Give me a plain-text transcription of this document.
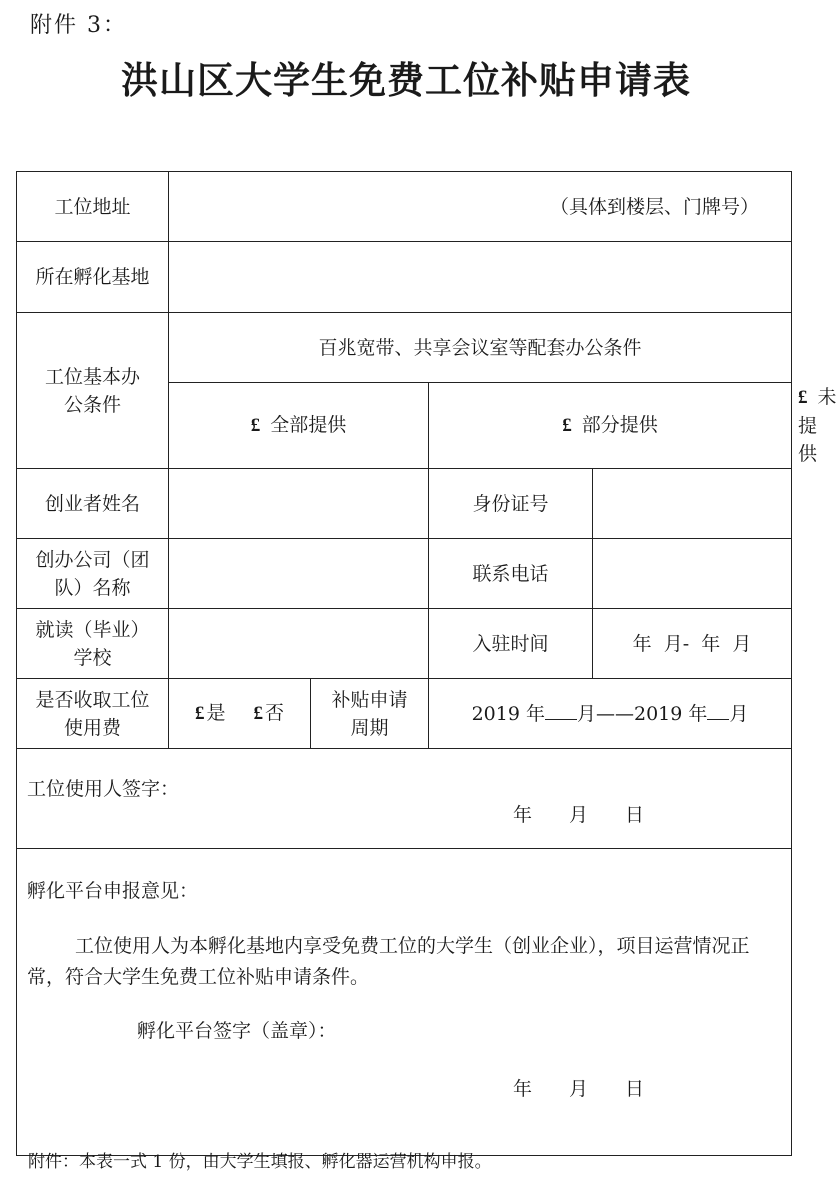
附件 3：
洪山区大学生免费工位补贴申请表
工位地址	（具体到楼层、门牌号）				

所在孵化基地					
工位基本办公条件	百兆宽带、共享会议室等配套办公条件				
	£ 全部提供		£ 部分提供		£ 未提供
创业者姓名			身份证号		
创办公司（团队）名称			联系电话		
就读（毕业）学校			入驻时间	年  月-  年  月	
是否收取工位使用费	£ 是 £ 否	补贴申请周期	2019 年 月——2019 年 月		

工位使用人签字：
年 月 日					

孵化平台申报意见：
工位使用人为本孵化基地内享受免费工位的大学生（创业企业），项目运营情况正常，符合大学生免费工位补贴申请条件。
孵化平台签字（盖章）：
年 月 日					
附件：本表一式 1 份，由大学生填报、孵化器运营机构申报。
